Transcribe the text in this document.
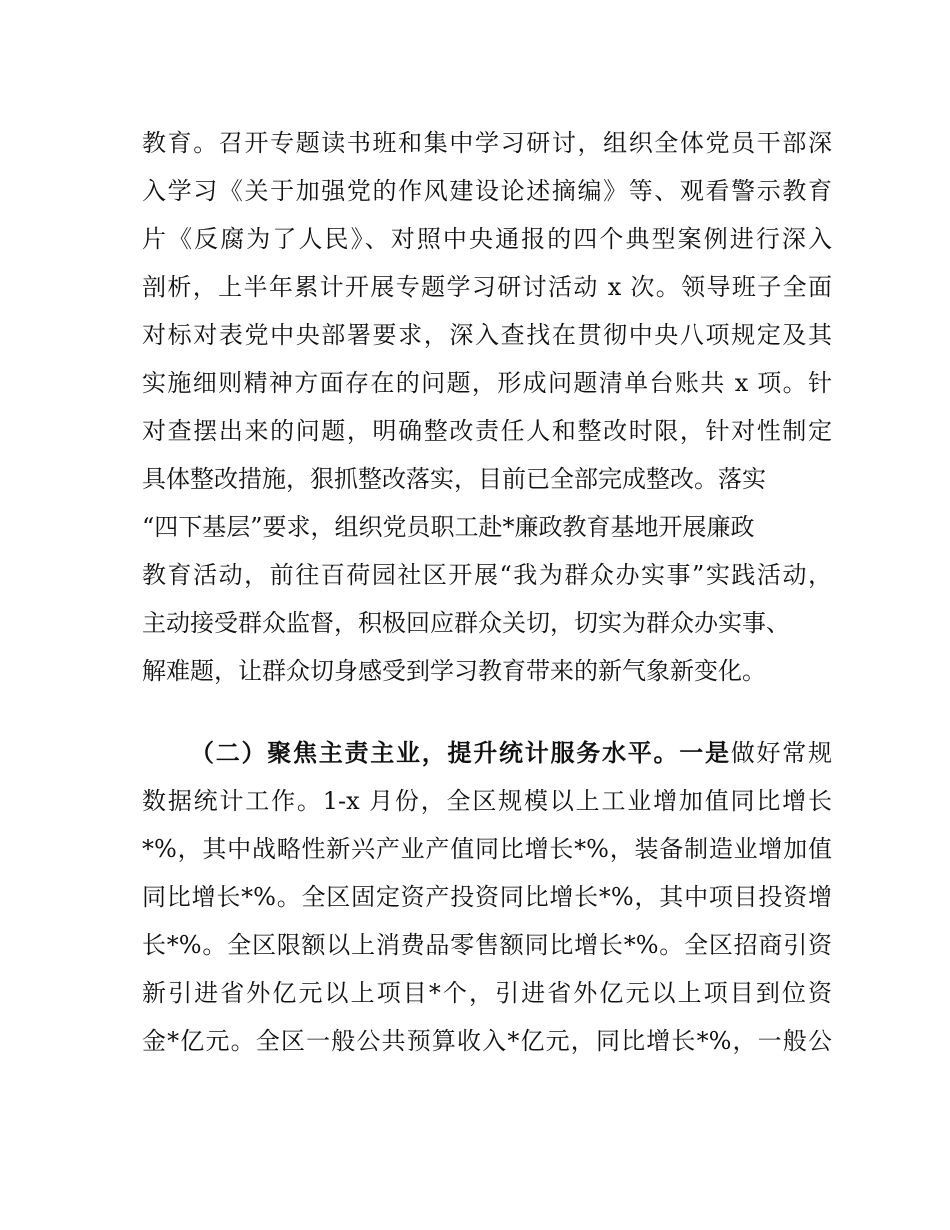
教育。召开专题读书班和集中学习研讨，组织全体党员干部深
入学习《关于加强党的作风建设论述摘编》等、观看警示教育
片《反腐为了人民》、对照中央通报的四个典型案例进行深入
剖析，上半年累计开展专题学习研讨活动 x 次。领导班子全面
对标对表党中央部署要求，深入查找在贯彻中央八项规定及其
实施细则精神方面存在的问题，形成问题清单台账共 x 项。针
对查摆出来的问题，明确整改责任人和整改时限，针对性制定
具体整改措施，狠抓整改落实，目前已全部完成整改。落实
“四下基层”要求，组织党员职工赴*廉政教育基地开展廉政
教育活动，前往百荷园社区开展“我为群众办实事”实践活动，
主动接受群众监督，积极回应群众关切，切实为群众办实事、
解难题，让群众切身感受到学习教育带来的新气象新变化。
（二）聚焦主责主业，提升统计服务水平。一是做好常规
数据统计工作。1-x 月份，全区规模以上工业增加值同比增长
*%，其中战略性新兴产业产值同比增长*%，装备制造业增加值
同比增长*%。全区固定资产投资同比增长*%，其中项目投资增
长*%。全区限额以上消费品零售额同比增长*%。全区招商引资
新引进省外亿元以上项目*个，引进省外亿元以上项目到位资
金*亿元。全区一般公共预算收入*亿元，同比增长*%，一般公
